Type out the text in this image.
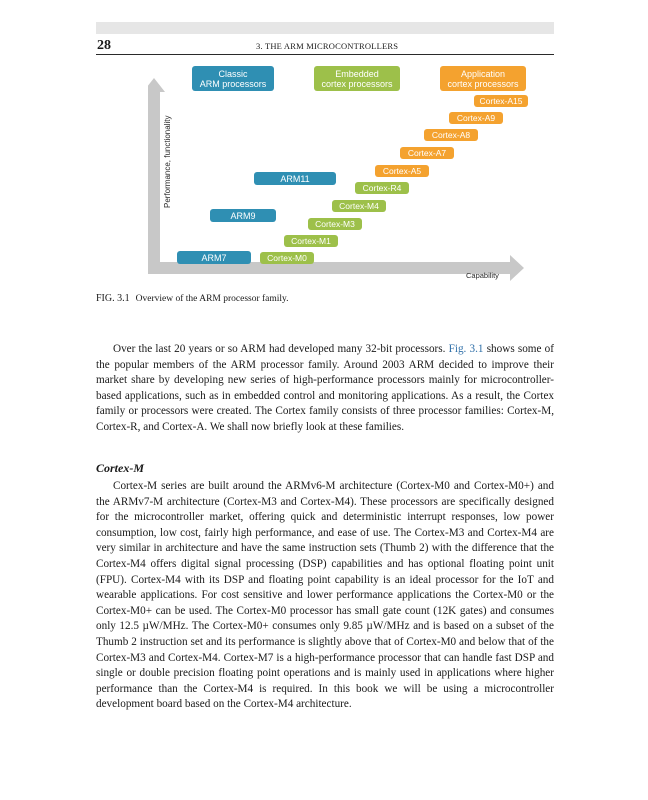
28	3. THE ARM MICROCONTROLLERS
Performance, functionality
Capability
Classic
ARM processors
Embedded
cortex processors
Application
cortex processors
ARM11
ARM9
ARM7
Cortex-A15
Cortex-A9
Cortex-A8
Cortex-A7
Cortex-A5
Cortex-R4
Cortex-M4
Cortex-M3
Cortex-M1
Cortex-M0
FIG. 3.1 Overview of the ARM processor family.

Over the last 20 years or so ARM had developed many 32-bit processors. Fig. 3.1 shows some of the popular members of the ARM processor family. Around 2003 ARM decided to improve their market share by developing new series of high-performance processors mainly for microcontroller-based applications, such as in embedded control and monitoring applications. As a result, the Cortex family or processors were created. The Cortex family consists of three processor families: Cortex-M, Cortex-R, and Cortex-A. We shall now briefly look at these families.

Cortex-M

Cortex-M series are built around the ARMv6-M architecture (Cortex-M0 and Cortex-M0+) and the ARMv7-M architecture (Cortex-M3 and Cortex-M4). These processors are specifically designed for the microcontroller market, offering quick and deterministic interrupt responses, low power consumption, low cost, fairly high performance, and ease of use. The Cortex-M3 and Cortex-M4 are very similar in architecture and have the same instruction sets (Thumb 2) with the difference that the Cortex-M4 offers digital signal processing (DSP) capabilities and has optional floating point unit (FPU). Cortex-M4 with its DSP and floating point capability is an ideal processor for the IoT and wearable applications. For cost sensitive and lower performance applications the Cortex-M0 or the Cortex-M0+ can be used. The Cortex-M0 processor has small gate count (12K gates) and consumes only 12.5 µW/MHz. The Cortex-M0+ consumes only 9.85 µW/MHz and is based on a subset of the Thumb 2 instruction set and its performance is slightly above that of Cortex-M0 and below that of the Cortex-M3 and Cortex-M4. Cortex-M7 is a high-performance processor that can handle fast DSP and single or double precision floating point operations and is mainly used in applications where higher performance than the Cortex-M4 is required. In this book we will be using a microcontroller development board based on the Cortex-M4 architecture.
